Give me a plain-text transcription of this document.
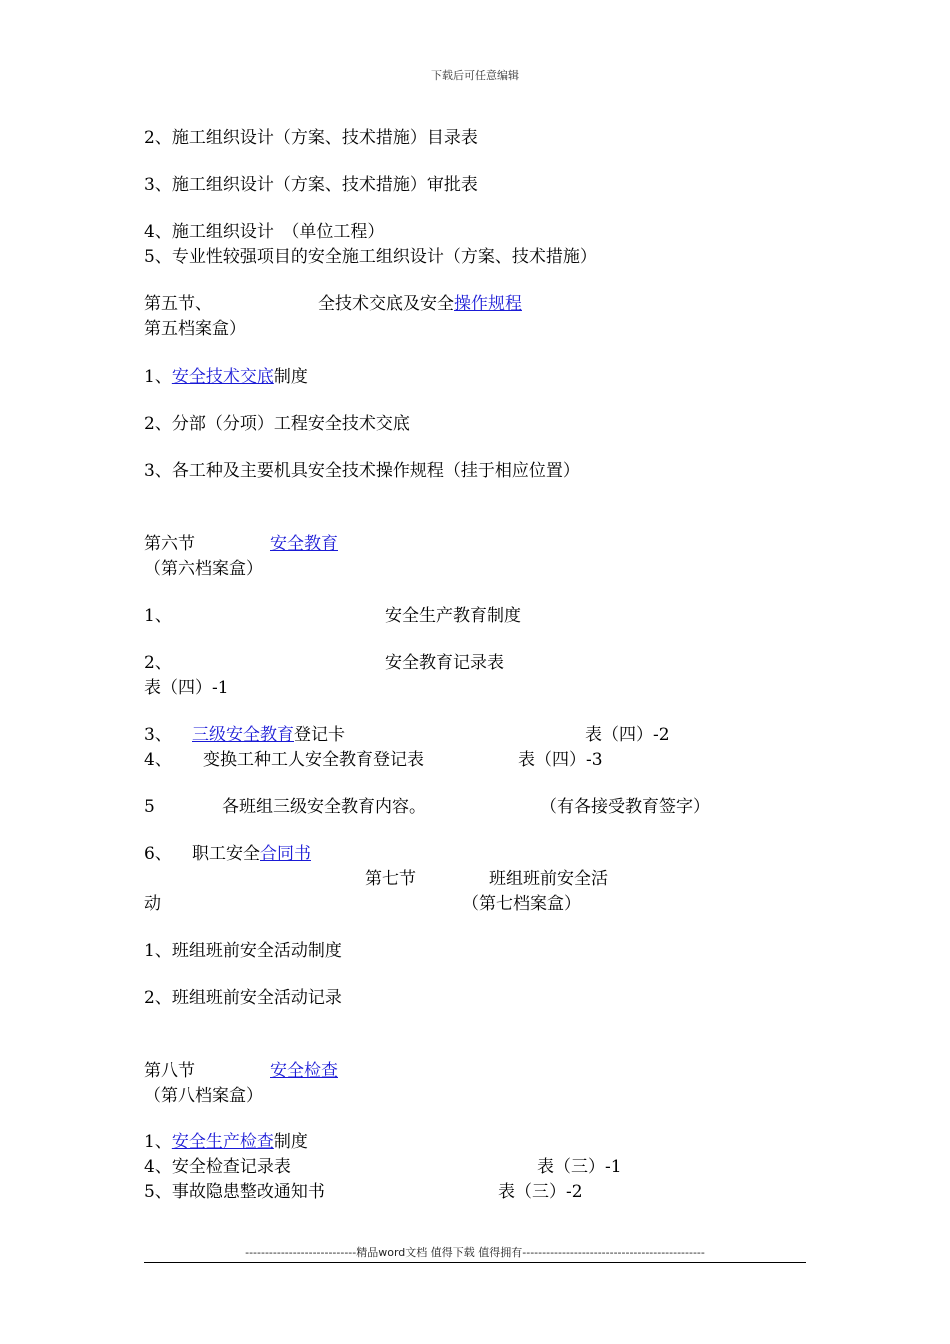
下载后可任意编辑
2、施工组织设计（方案、技术措施）目录表
3、施工组织设计（方案、技术措施）审批表
4、施工组织设计　（单位工程）
5、专业性较强项目的安全施工组织设计（方案、技术措施）
第五节、	全技术交底及安全操作规程
第五档案盒）
1、安全技术交底制度
2、分部（分项）工程安全技术交底
3、各工种及主要机具安全技术操作规程（挂于相应位置）
第六节	安全教育
（第六档案盒）
1、	安全生产教育制度
2、	安全教育记录表
表（四）-1
3、 三级安全教育登记卡	表（四）-2
4、 变换工种工人安全教育登记表	表（四）-3
5	各班组三级安全教育内容。	（有各接受教育签字）
6、 职工安全合同书
第七节	班组班前安全活
动	（第七档案盒）
1、班组班前安全活动制度
2、班组班前安全活动记录
第八节	安全检查
（第八档案盒）
1、安全生产检查制度
4、安全检查记录表	表（三）-1
5、事故隐患整改通知书	表（三）-2
----------------------------精品word文档 值得下载 值得拥有----------------------------------------------
